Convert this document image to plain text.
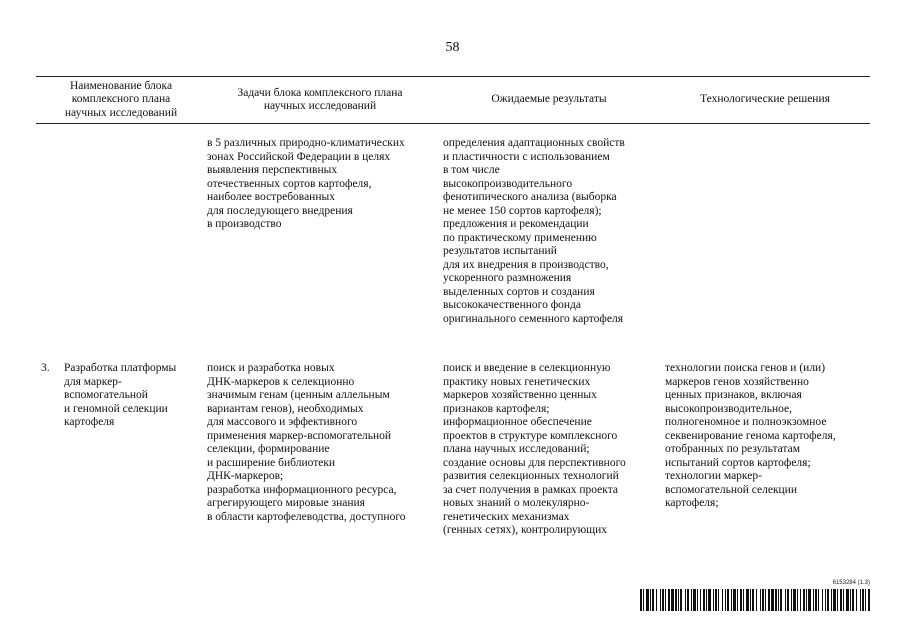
58
Наименование блока
комплексного плана
научных исследований
Задачи блока комплексного плана
научных исследований
Ожидаемые результаты	Технологические решения
в 5 различных природно-климатических
зонах Российской Федерации в целях
выявления перспективных
отечественных сортов картофеля,
наиболее востребованных
для последующего внедрения
в производство
определения адаптационных свойств
и пластичности с использованием
в том числе
высокопроизводительного
фенотипического анализа (выборка
не менее 150 сортов картофеля);
предложения и рекомендации
по практическому применению
результатов испытаний
для их внедрения в производство,
ускоренного размножения
выделенных сортов и создания
высококачественного фонда
оригинального семенного картофеля
3. Разработка платформы
для маркер-
вспомогательной
и геномной селекции
картофеля
поиск и разработка новых
ДНК-маркеров к селекционно
значимым генам (ценным аллельным
вариантам генов), необходимых
для массового и эффективного
применения маркер-вспомогательной
селекции, формирование
и расширение библиотеки
ДНК-маркеров;
разработка информационного ресурса,
агрегирующего мировые знания
в области картофелеводства, доступного
поиск и введение в селекционную
практику новых генетических
маркеров хозяйственно ценных
признаков картофеля;
информационное обеспечение
проектов в структуре комплексного
плана научных исследований;
создание основы для перспективного
развития селекционных технологий
за счет получения в рамках проекта
новых знаний о молекулярно-
генетических механизмах
(генных сетях), контролирующих
технологии поиска генов и (или)
маркеров генов хозяйственно
ценных признаков, включая
высокопроизводительное,
полногеномное и полноэкзомное
секвенирование генома картофеля,
отобранных по результатам
испытаний сортов картофеля;
технологии маркер-
вспомогательной селекции
картофеля;
6153284 (1.3)
